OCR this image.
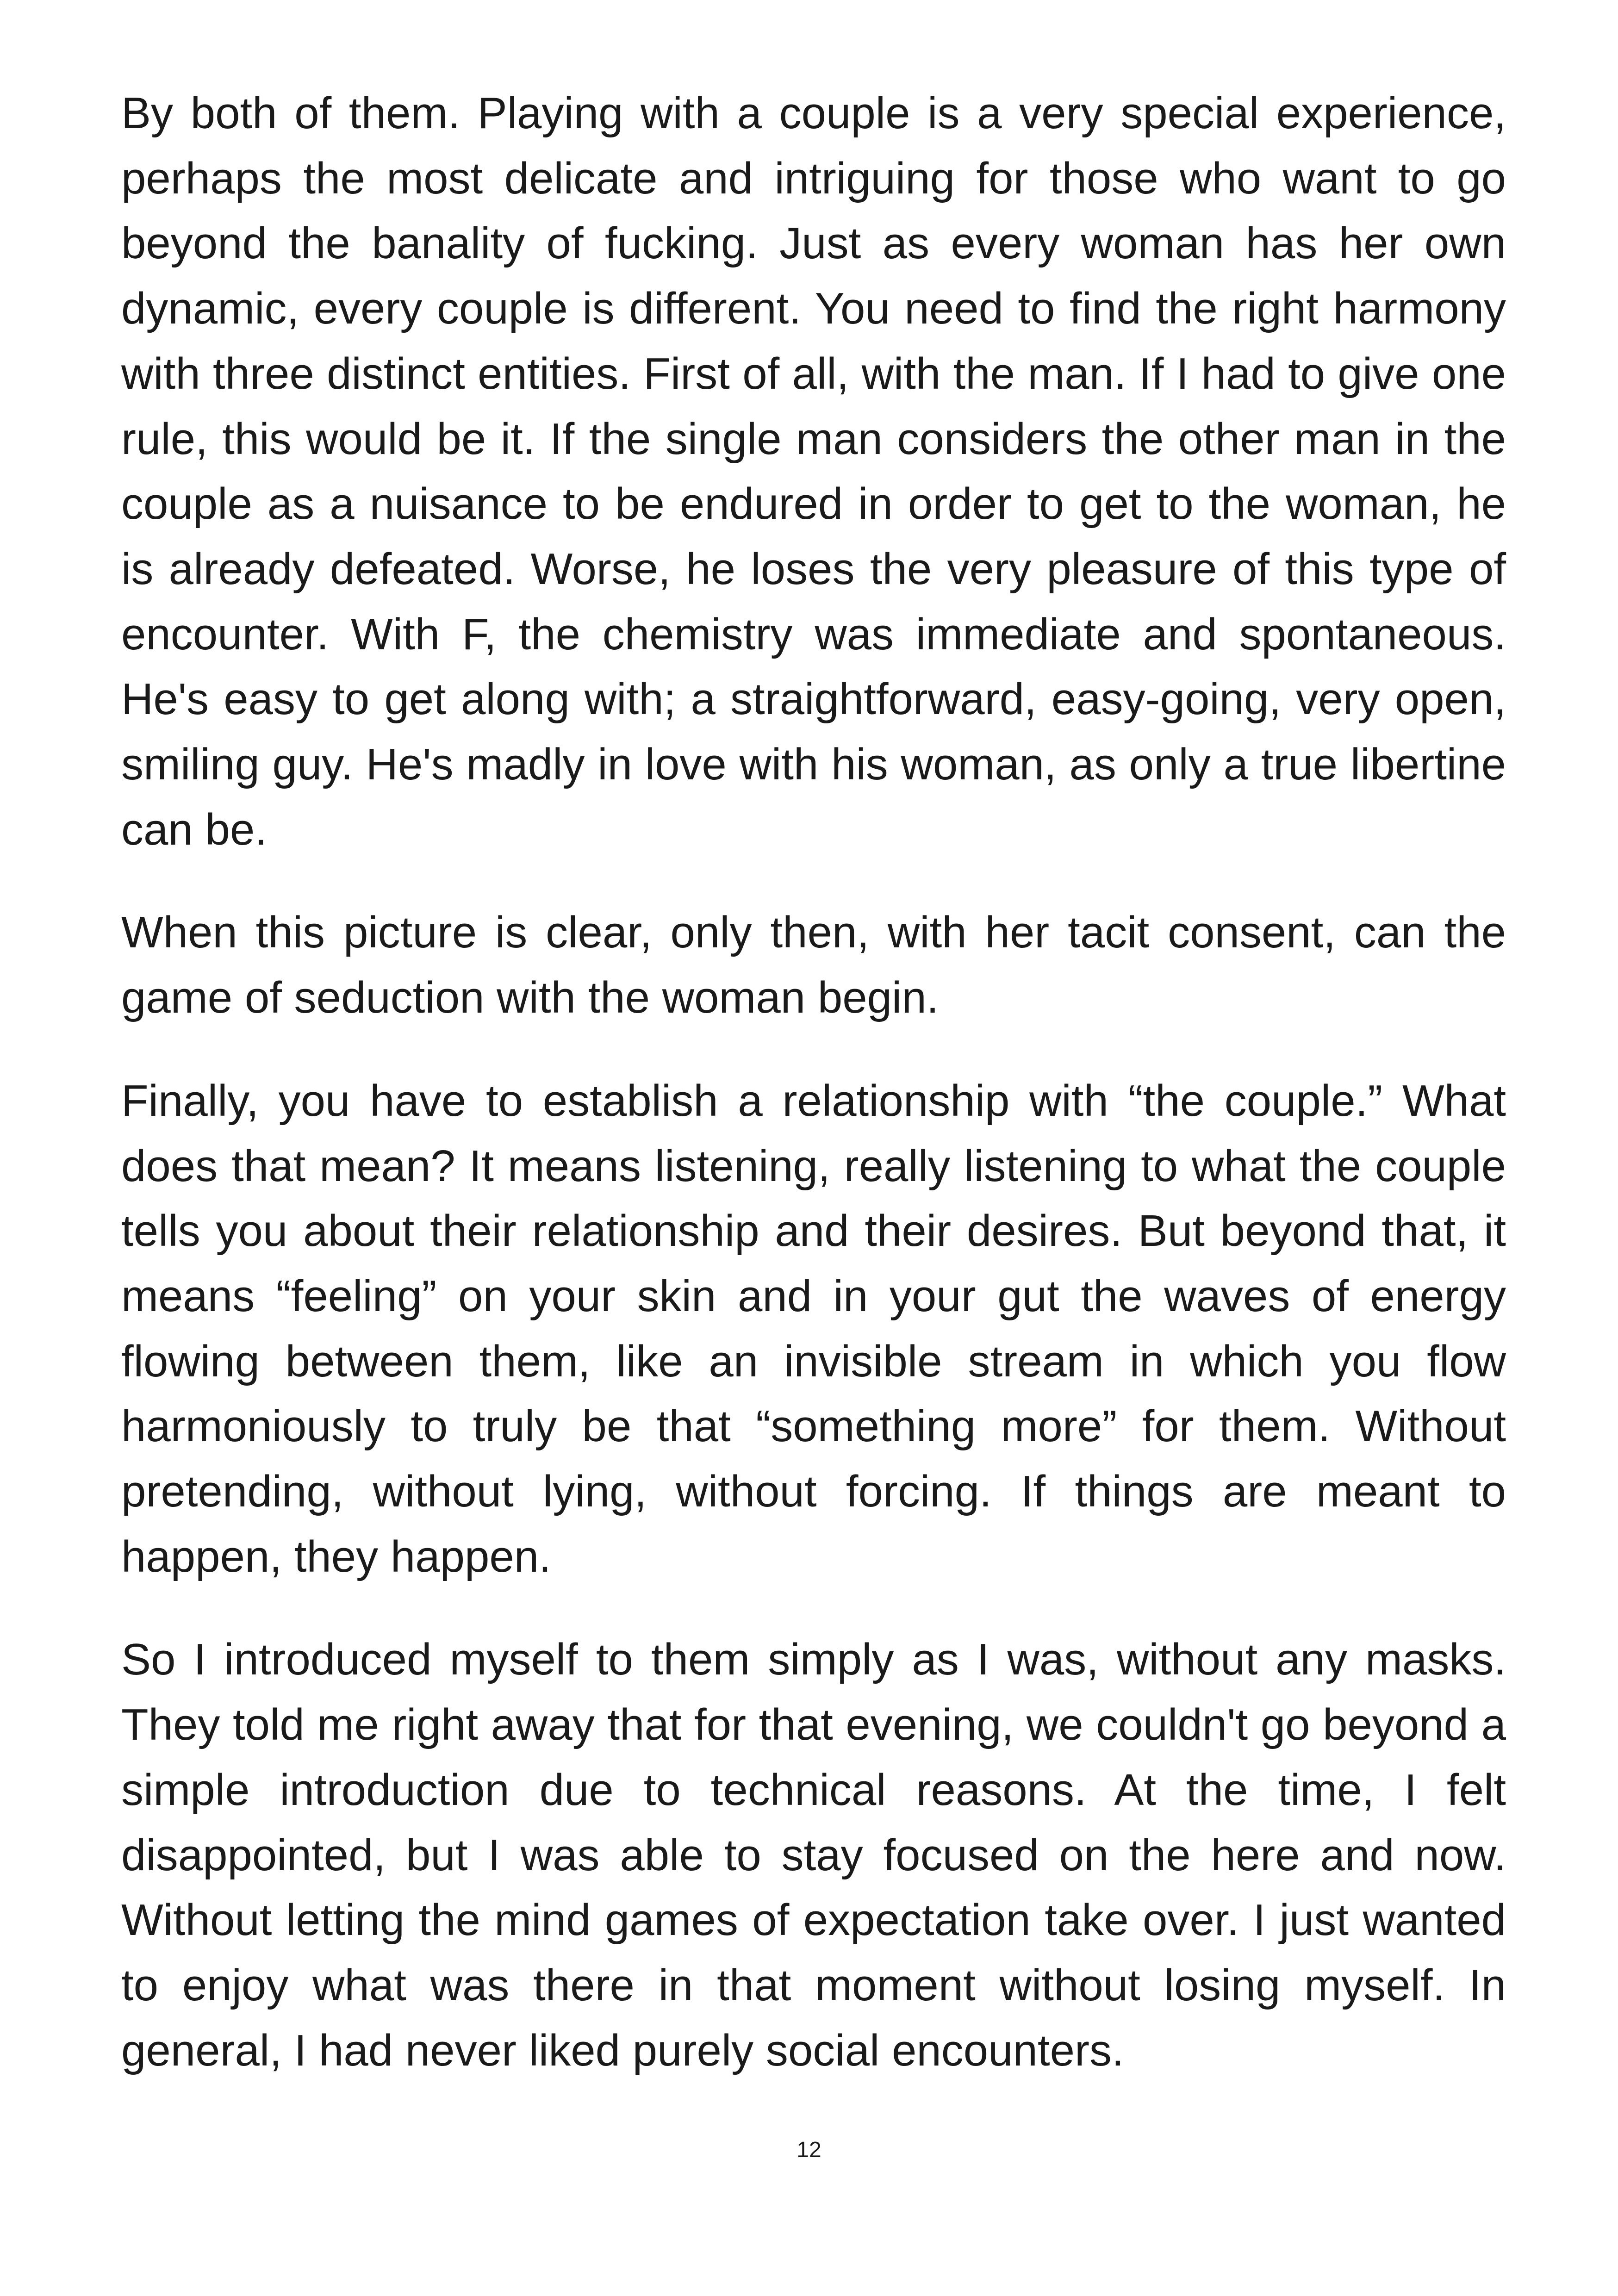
By both of them. Playing with a couple is a very special experience, perhaps the most delicate and intriguing for those who want to go beyond the banality of fucking. Just as every woman has her own dynamic, every couple is different. You need to find the right harmony with three distinct entities. First of all, with the man. If I had to give one rule, this would be it. If the single man considers the other man in the couple as a nuisance to be endured in order to get to the woman, he is already defeated. Worse, he loses the very pleasure of this type of encounter. With F, the chemistry was immediate and spontaneous. He's easy to get along with; a straightforward, easy-going, very open, smiling guy. He's madly in love with his woman, as only a true libertine can be.

When this picture is clear, only then, with her tacit consent, can the game of seduction with the woman begin.

Finally, you have to establish a relationship with “the couple.” What does that mean? It means listening, really listening to what the couple tells you about their relationship and their desires. But beyond that, it means “feeling” on your skin and in your gut the waves of energy flowing between them, like an invisible stream in which you flow harmoniously to truly be that “something more” for them. Without pretending, without lying, without forcing. If things are meant to happen, they happen.

So I introduced myself to them simply as I was, without any masks. They told me right away that for that evening, we couldn't go beyond a simple introduction due to technical reasons. At the time, I felt disappointed, but I was able to stay focused on the here and now. Without letting the mind games of expectation take over. I just wanted to enjoy what was there in that moment without losing myself. In general, I had never liked purely social encounters.

12
